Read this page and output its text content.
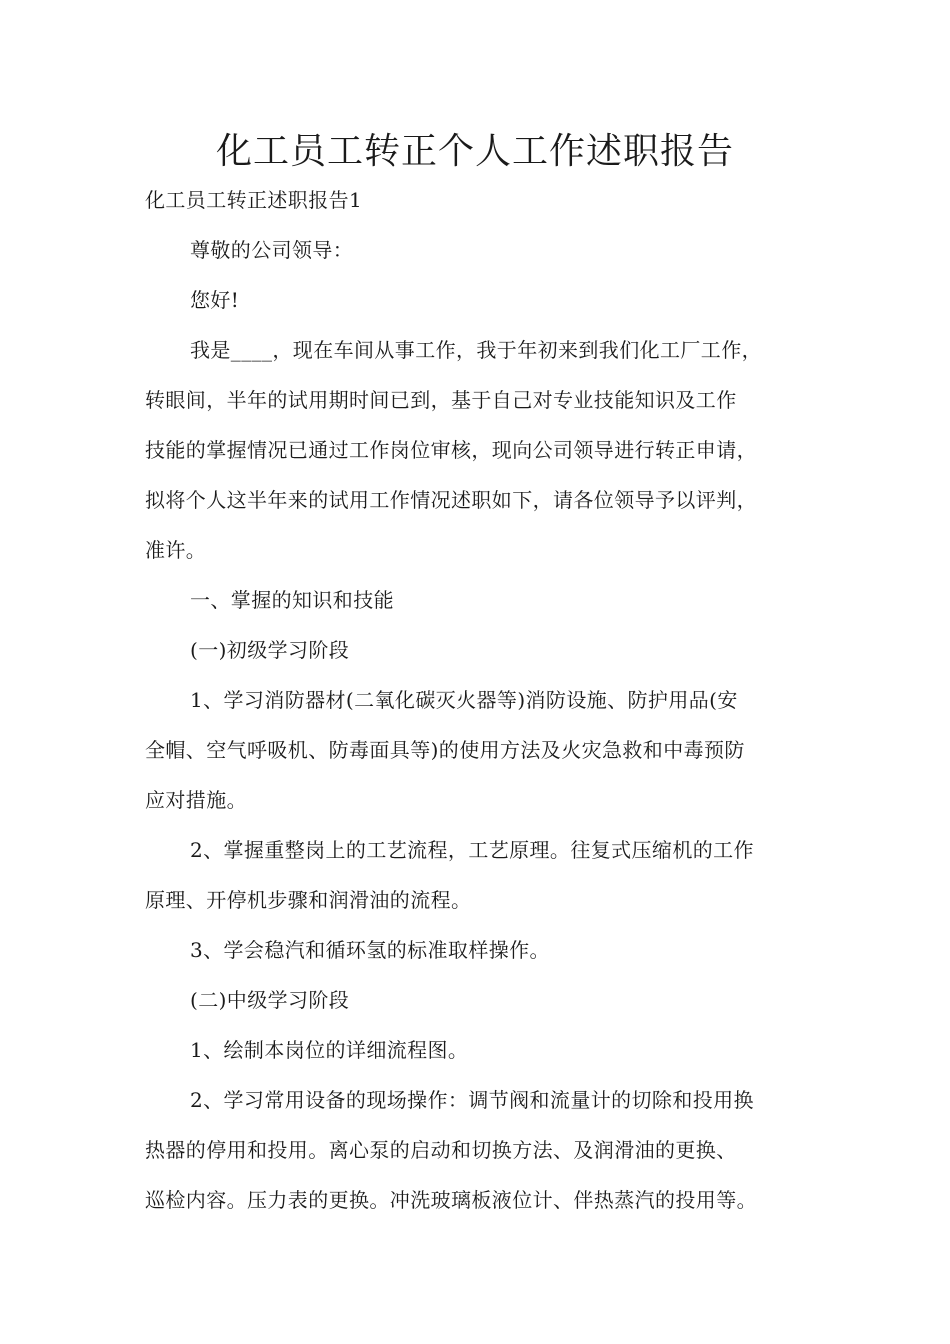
化工员工转正个人工作述职报告

化工员工转正述职报告1

尊敬的公司领导：

您好!

我是____，现在车间从事工作，我于年初来到我们化工厂工作，

转眼间，半年的试用期时间已到，基于自己对专业技能知识及工作

技能的掌握情况已通过工作岗位审核，现向公司领导进行转正申请，

拟将个人这半年来的试用工作情况述职如下，请各位领导予以评判，

准许。

一、掌握的知识和技能

(一)初级学习阶段

1、学习消防器材(二氧化碳灭火器等)消防设施、防护用品(安

全帽、空气呼吸机、防毒面具等)的使用方法及火灾急救和中毒预防

应对措施。

2、掌握重整岗上的工艺流程，工艺原理。往复式压缩机的工作

原理、开停机步骤和润滑油的流程。

3、学会稳汽和循环氢的标准取样操作。

(二)中级学习阶段

1、绘制本岗位的详细流程图。

2、学习常用设备的现场操作：调节阀和流量计的切除和投用换

热器的停用和投用。离心泵的启动和切换方法、及润滑油的更换、

巡检内容。压力表的更换。冲洗玻璃板液位计、伴热蒸汽的投用等。
